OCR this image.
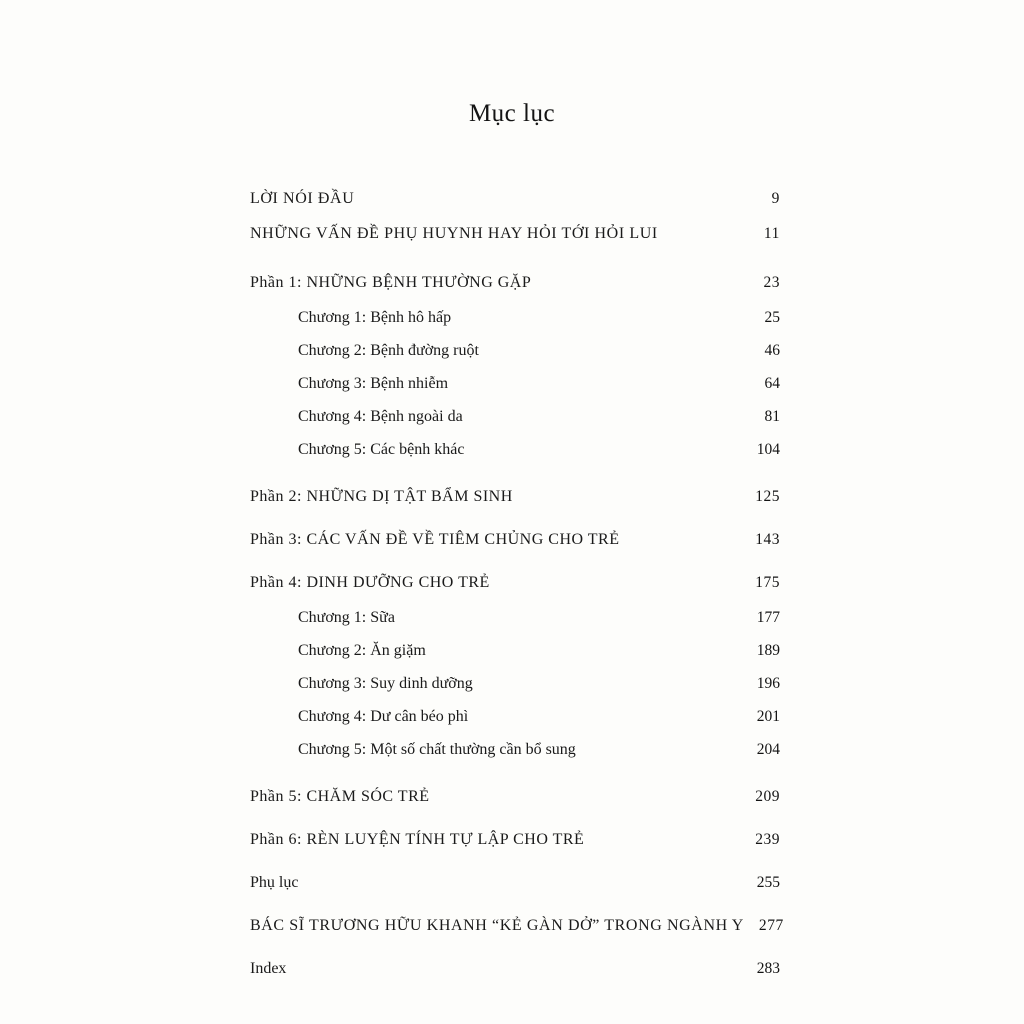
Mục lục
LỜI NÓI ĐẦU	9
NHỮNG VẤN ĐỀ PHỤ HUYNH HAY HỎI TỚI HỎI LUI	11
Phần 1: NHỮNG BỆNH THƯỜNG GẶP	23
Chương 1: Bệnh hô hấp	25
Chương 2: Bệnh đường ruột	46
Chương 3: Bệnh nhiễm	64
Chương 4: Bệnh ngoài da	81
Chương 5: Các bệnh khác	104
Phần 2: NHỮNG DỊ TẬT BẨM SINH	125
Phần 3: CÁC VẤN ĐỀ VỀ TIÊM CHỦNG CHO TRẺ	143
Phần 4: DINH DƯỠNG CHO TRẺ	175
Chương 1: Sữa	177
Chương 2: Ăn giặm	189
Chương 3: Suy dinh dưỡng	196
Chương 4: Dư cân béo phì	201
Chương 5: Một số chất thường cần bổ sung	204
Phần 5: CHĂM SÓC TRẺ	209
Phần 6: RÈN LUYỆN TÍNH TỰ LẬP CHO TRẺ	239
Phụ lục	255
BÁC SĨ TRƯƠNG HỮU KHANH “KẺ GÀN DỞ” TRONG NGÀNH Y 277
Index	283
